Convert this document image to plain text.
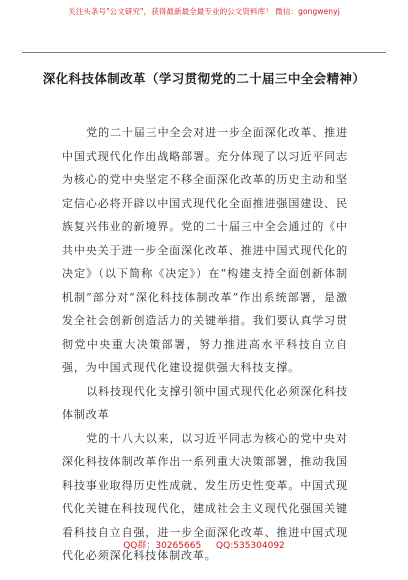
关注头条号"公文研究"，获得最新最全最专业的公文资料库！ 微信：gongwenyj
深化科技体制改革（学习贯彻党的二十届三中全会精神）

党的二十届三中全会对进一步全面深化改革、推进中国式现代化作出战略部署。充分体现了以习近平同志为核心的党中央坚定不移全面深化改革的历史主动和坚定信心必将开辟以中国式现代化全面推进强国建设、民族复兴伟业的新境界。党的二十届三中全会通过的《中共中央关于进一步全面深化改革、推进中国式现代化的决定》（以下简称《决定》）在“构建支持全面创新体制机制”部分对“深化科技体制改革”作出系统部署，是激发全社会创新创造活力的关键举措。我们要认真学习贯彻党中央重大决策部署，努力推进高水平科技自立自强，为中国式现代化建设提供强大科技支撑。

以科技现代化支撑引领中国式现代化必须深化科技体制改革

党的十八大以来，以习近平同志为核心的党中央对深化科技体制改革作出一系列重大决策部署，推动我国科技事业取得历史性成就、发生历史性变革。中国式现代化关键在科技现代化，建成社会主义现代化强国关键看科技自立自强，进一步全面深化改革、推进中国式现代化必须深化科技体制改革。

QQ群：30265665 QQ:535304092
